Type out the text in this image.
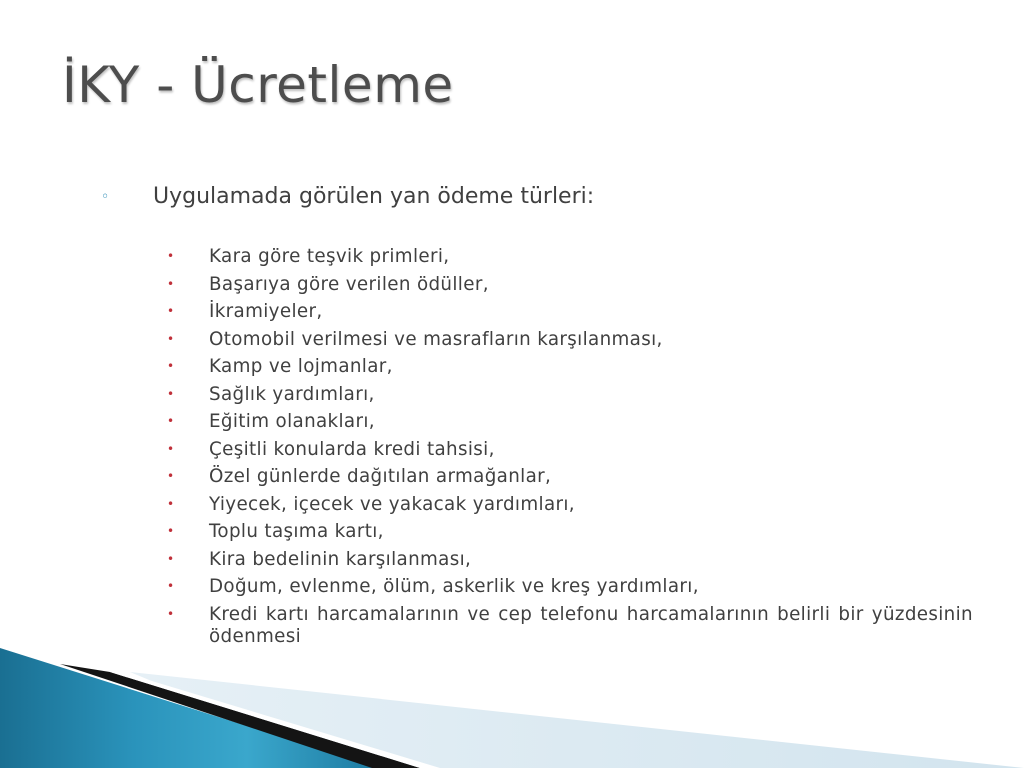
İKY - Ücretleme
◦	Uygulamada görülen yan ödeme türleri:
•	Kara göre teşvik primleri,
•	Başarıya göre verilen ödüller,
•	İkramiyeler,
•	Otomobil verilmesi ve masrafların karşılanması,
•	Kamp ve lojmanlar,
•	Sağlık yardımları,
•	Eğitim olanakları,
•	Çeşitli konularda kredi tahsisi,
•	Özel günlerde dağıtılan armağanlar,
•	Yiyecek, içecek ve yakacak yardımları,
•	Toplu taşıma kartı,
•	Kira bedelinin karşılanması,
•	Doğum, evlenme, ölüm, askerlik ve kreş yardımları,
•	Kredi kartı harcamalarının ve cep telefonu harcamalarının belirli bir yüzdesinin ödenmesi
